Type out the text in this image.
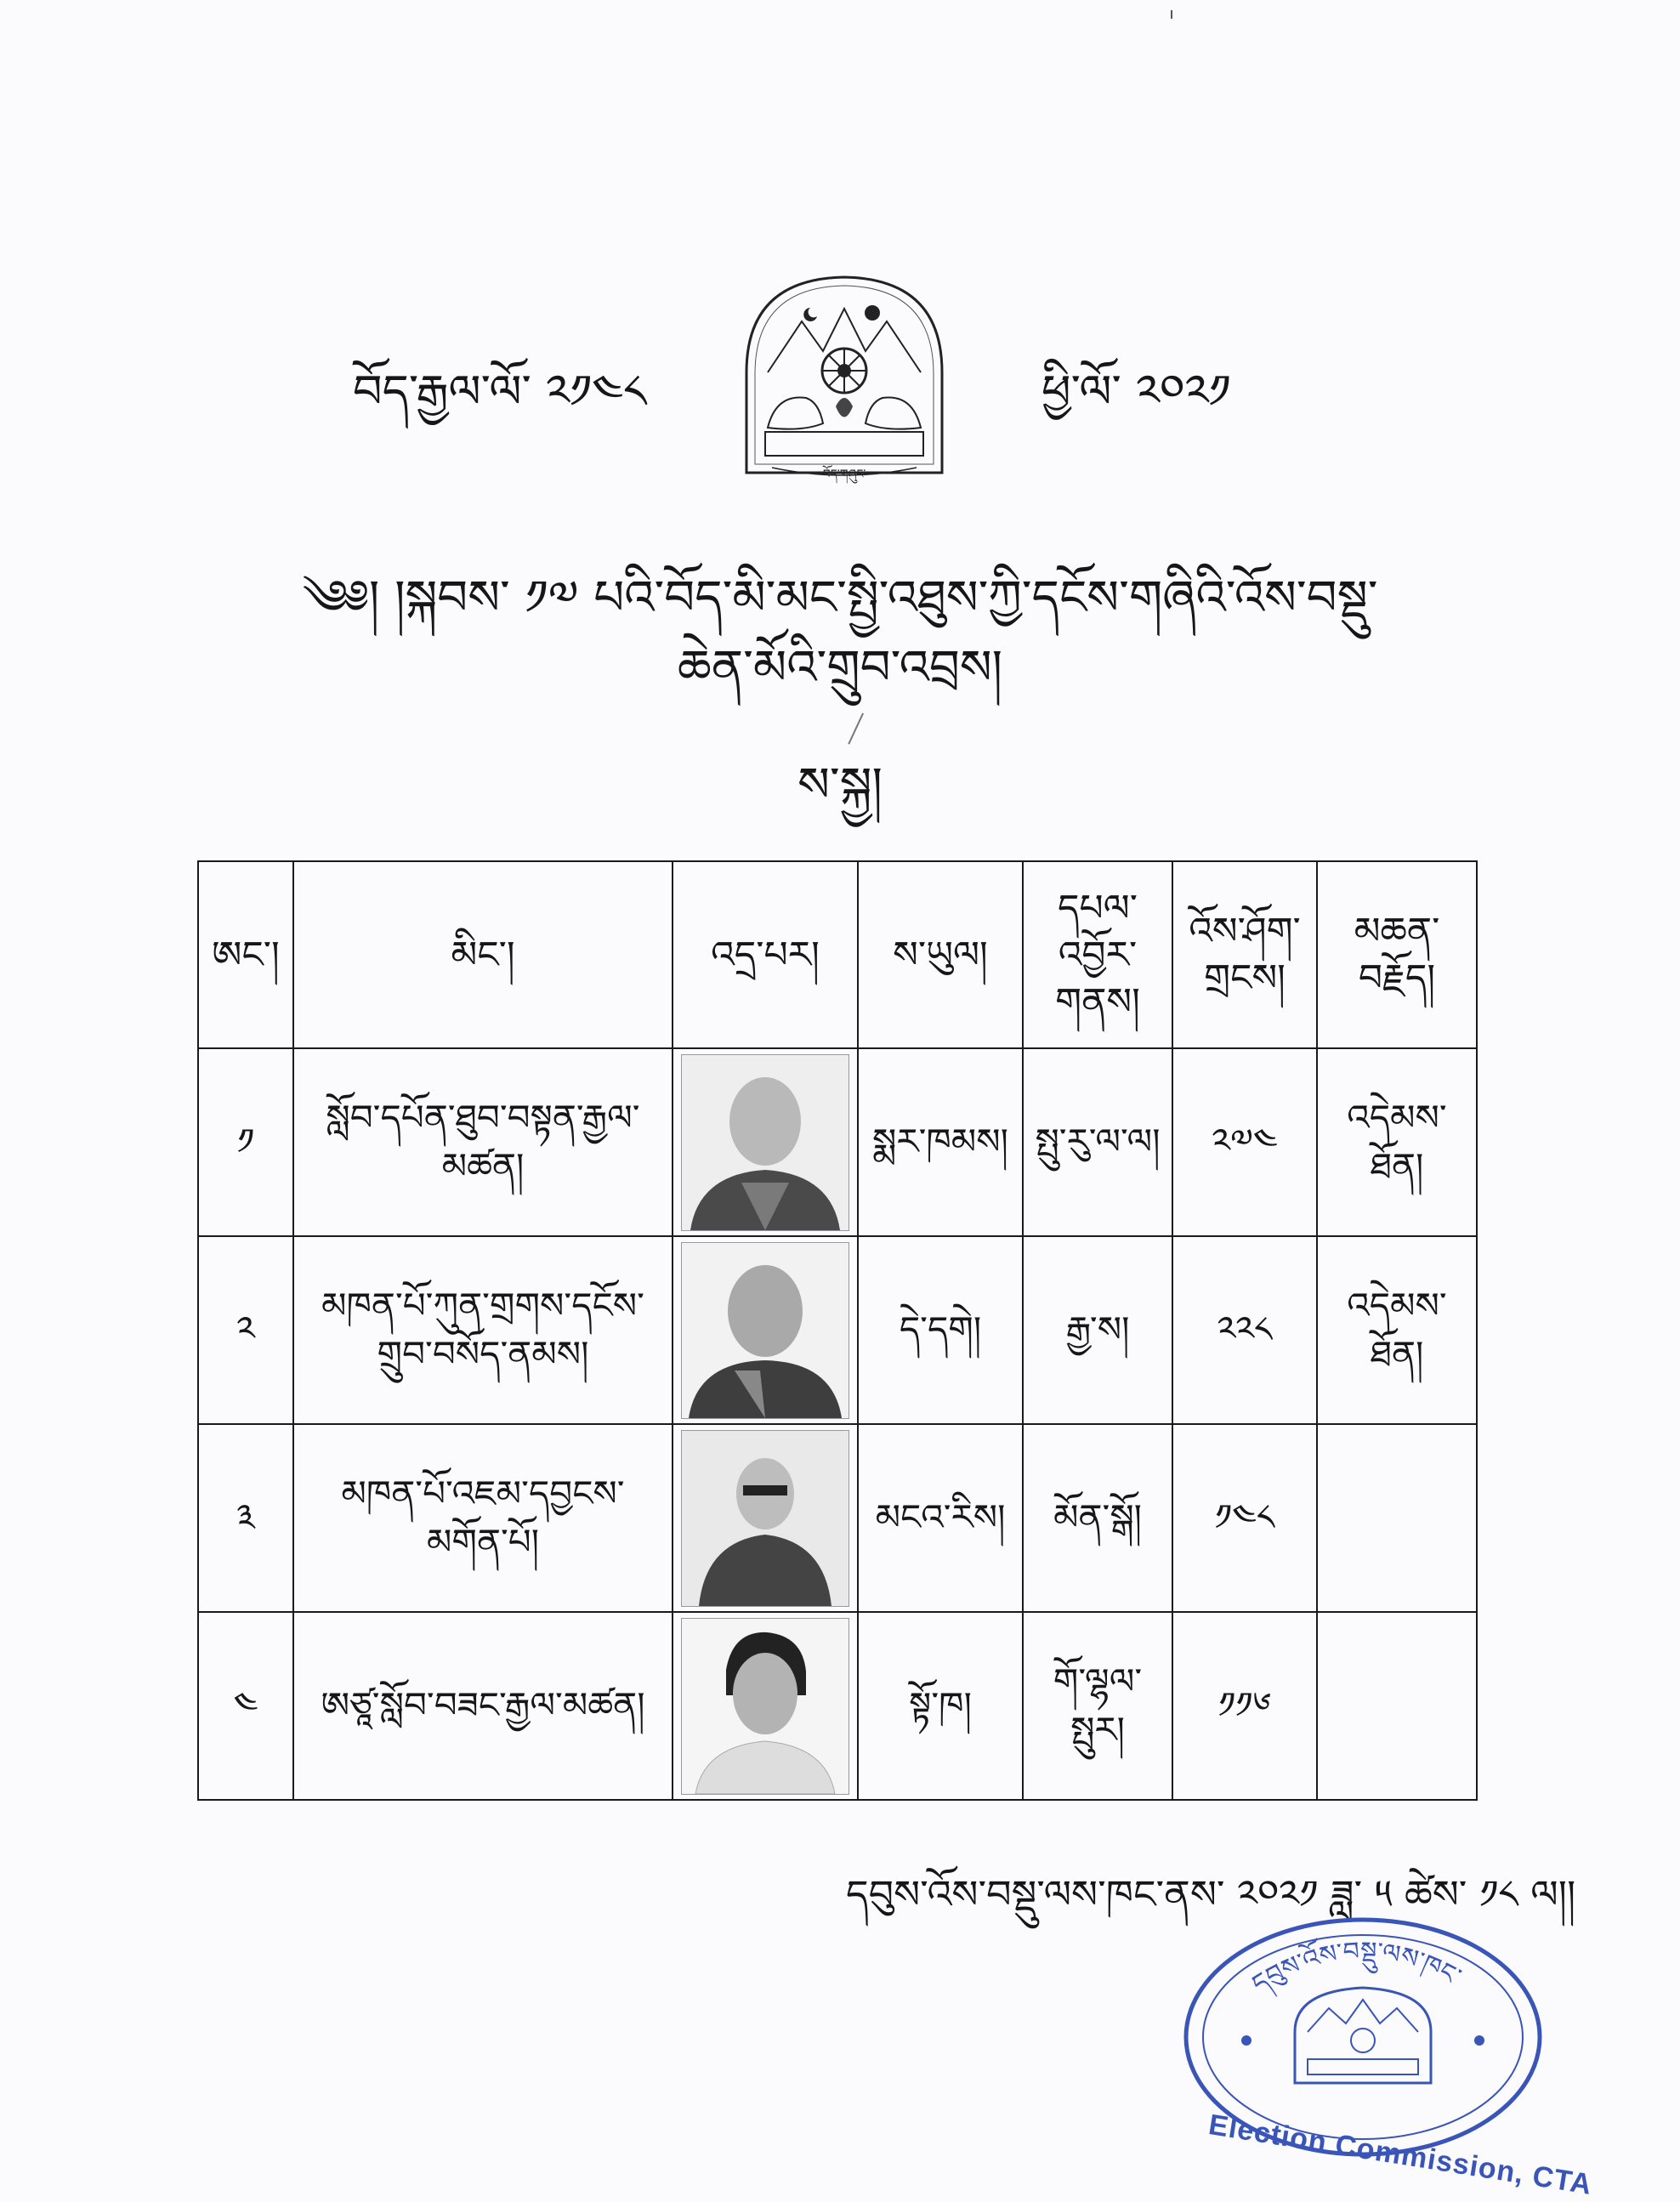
བོད་རྒྱལ་ལོ་ ༢༡༤༨
བོད་གཞུང་
ཕྱི་ལོ་ ༢༠༢༡
༄༅། །སྐབས་ ༡༧ པའི་བོད་མི་མང་སྤྱི་འཐུས་ཀྱི་དངོས་གཞིའི་འོས་བསྡུ་
ཆེན་མོའི་གྲུབ་འབྲས།
ས་སྐྱ།
ཨང་།	མིང་།	འདྲ་པར།	ས་ཡུལ།	དཔལ་འབྱོར་གནས།	འོས་ཤོག་གྲངས།	མཆན་བརྗོད།
༡	སློབ་དཔོན་ཐུབ་བསྟན་རྒྱལ་མཚན།		སྨར་ཁམས།	སྤུ་རུ་ལ་ལ།	༢༧༤	འདེམས་ཐོན།
༢	མཁན་པོ་ཀུན་གྲགས་དངོས་གྲུབ་བསོད་ནམས།		དེ་དགེ།	རྒྱ་ས།	༢༢༨	འདེམས་ཐོན།
༣	མཁན་པོ་འཇམ་དབྱངས་མགོན་པོ།		མངའ་རིས།	མོན་སྒོ།	༡༤༨	
༤	ཨཙཱ་སློབ་བཟང་རྒྱལ་མཚན།		སྟོ་ཁ།	གོ་ལྷལ་སྤུར།	༡༡༦	
དབུས་འོས་བསྡུ་ལས་ཁང་ནས་ ༢༠༢༡ ཟླ་ ༥ ཚེས་ ༡༨ ལ།།
དབུས་འོས་བསྡུ་ལས་ཁང་
Election Commission, CTA
